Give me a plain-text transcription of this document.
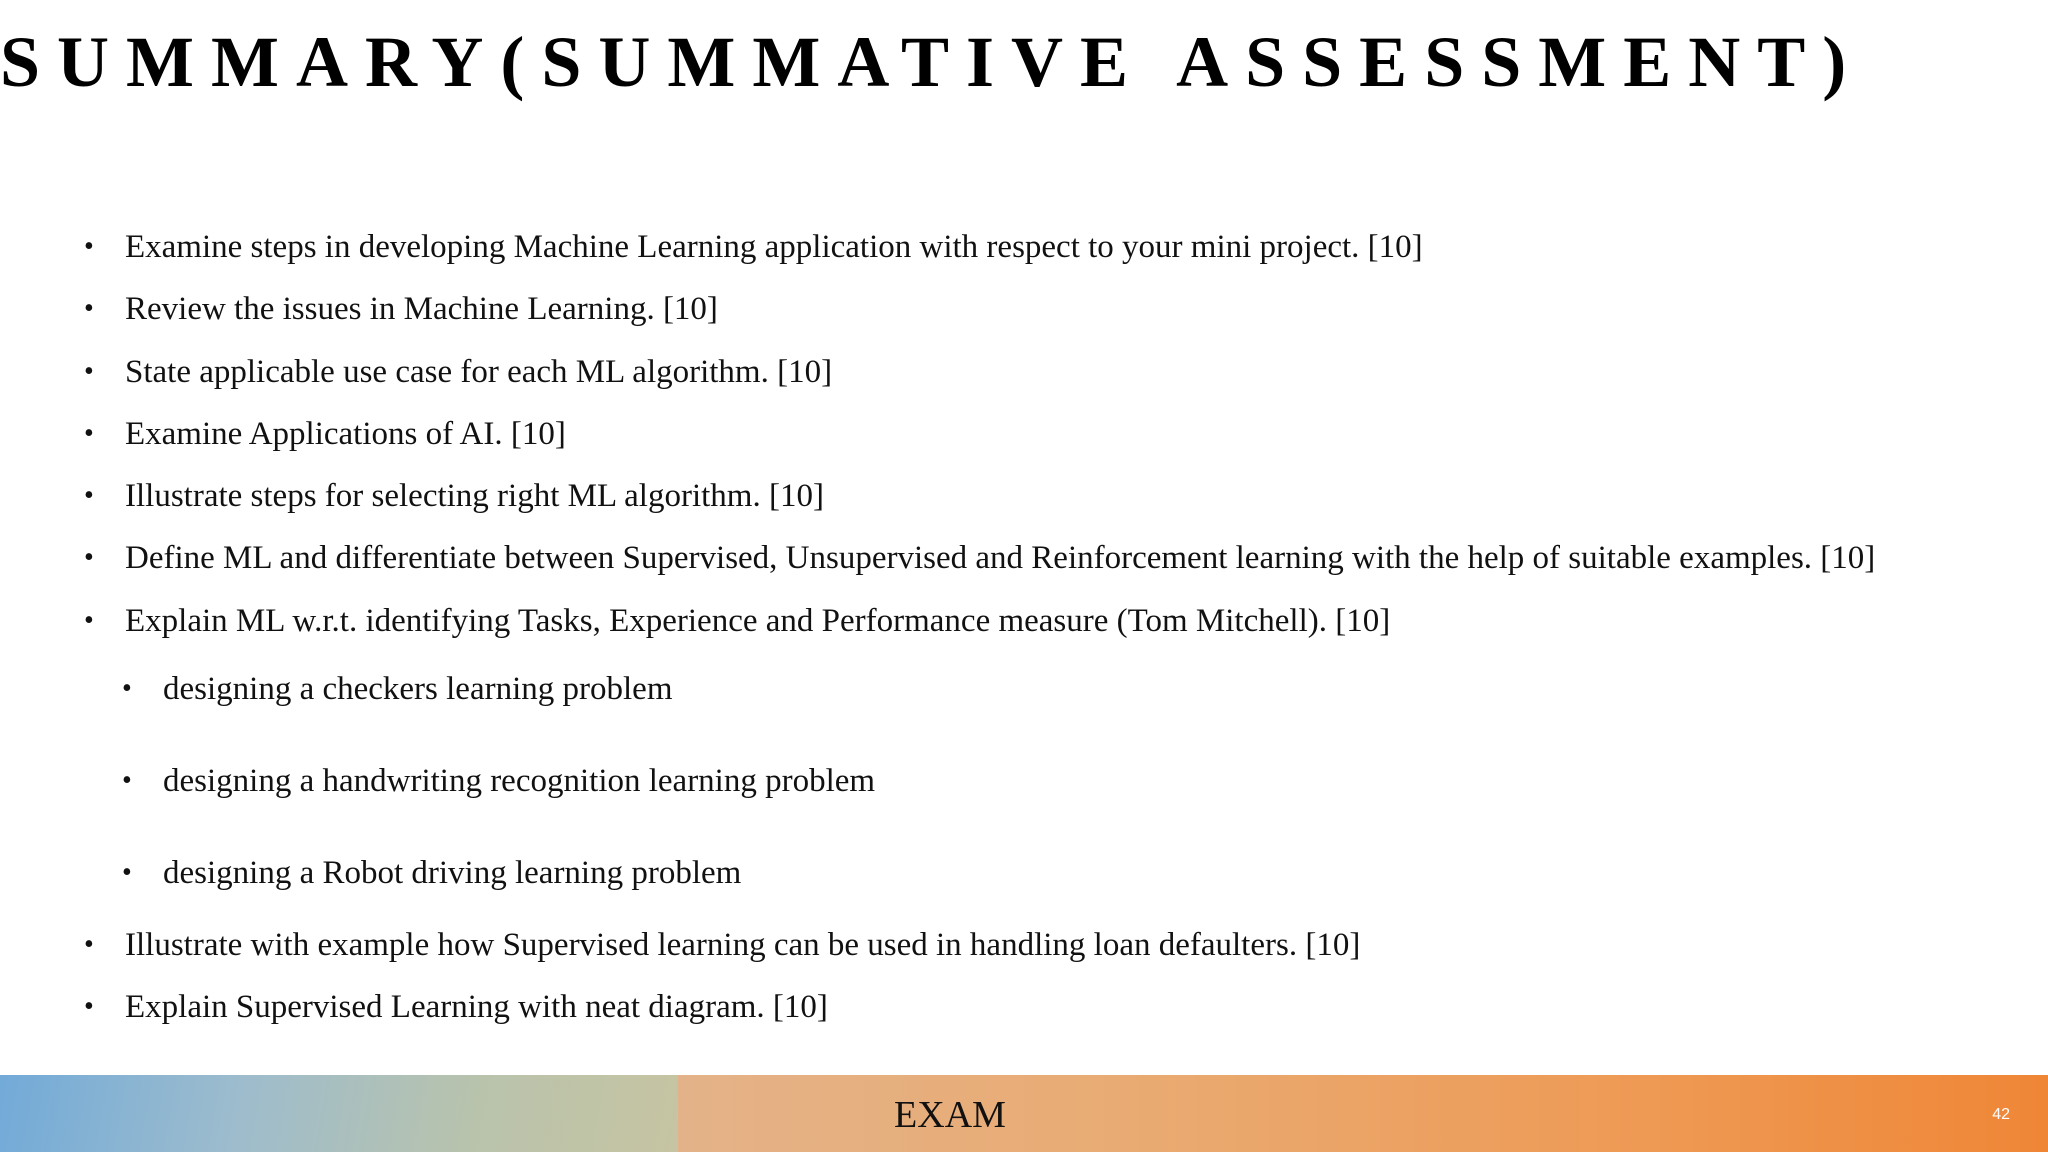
SUMMARY(SUMMATIVE ASSESSMENT)
• Examine steps in developing Machine Learning application with respect to your mini project. [10]
• Review the issues in Machine Learning. [10]
• State applicable use case for each ML algorithm. [10]
• Examine Applications of AI. [10]
• Illustrate steps for selecting right ML algorithm. [10]
• Define ML and differentiate between Supervised, Unsupervised and Reinforcement learning with the help of suitable examples. [10]
• Explain ML w.r.t. identifying Tasks, Experience and Performance measure (Tom Mitchell). [10]
• designing a checkers learning problem
• designing a handwriting recognition learning problem
• designing a Robot driving learning problem
• Illustrate with example how Supervised learning can be used in handling loan defaulters. [10]
• Explain Supervised Learning with neat diagram. [10]
EXAM	42
